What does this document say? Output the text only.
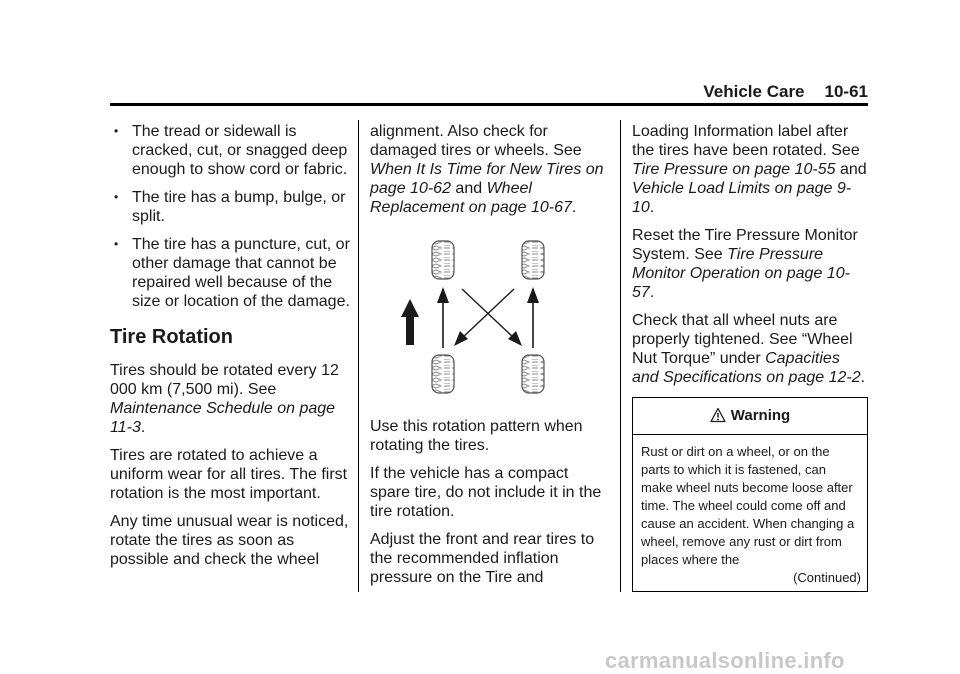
Vehicle Care 10-61
• The tread or sidewall is cracked, cut, or snagged deep enough to show cord or fabric.
• The tire has a bump, bulge, or split.
• The tire has a puncture, cut, or other damage that cannot be repaired well because of the size or location of the damage.
Tire Rotation

Tires should be rotated every 12 000 km (7,500 mi). See Maintenance Schedule on page 11-3.

Tires are rotated to achieve a uniform wear for all tires. The first rotation is the most important.

Any time unusual wear is noticed, rotate the tires as soon as possible and check the wheel

alignment. Also check for damaged tires or wheels. See When It Is Time for New Tires on page 10-62 and Wheel Replacement on page 10-67.

Use this rotation pattern when rotating the tires.

If the vehicle has a compact spare tire, do not include it in the tire rotation.

Adjust the front and rear tires to the recommended inflation pressure on the Tire and

Loading Information label after the tires have been rotated. See Tire Pressure on page 10-55 and Vehicle Load Limits on page 9-10.

Reset the Tire Pressure Monitor System. See Tire Pressure Monitor Operation on page 10-57.

Check that all wheel nuts are properly tightened. See “Wheel Nut Torque” under Capacities and Specifications on page 12-2.

Warning
Rust or dirt on a wheel, or on the parts to which it is fastened, can make wheel nuts become loose after time. The wheel could come off and cause an accident. When changing a wheel, remove any rust or dirt from places where the
(Continued)
carmanualsonline.info
